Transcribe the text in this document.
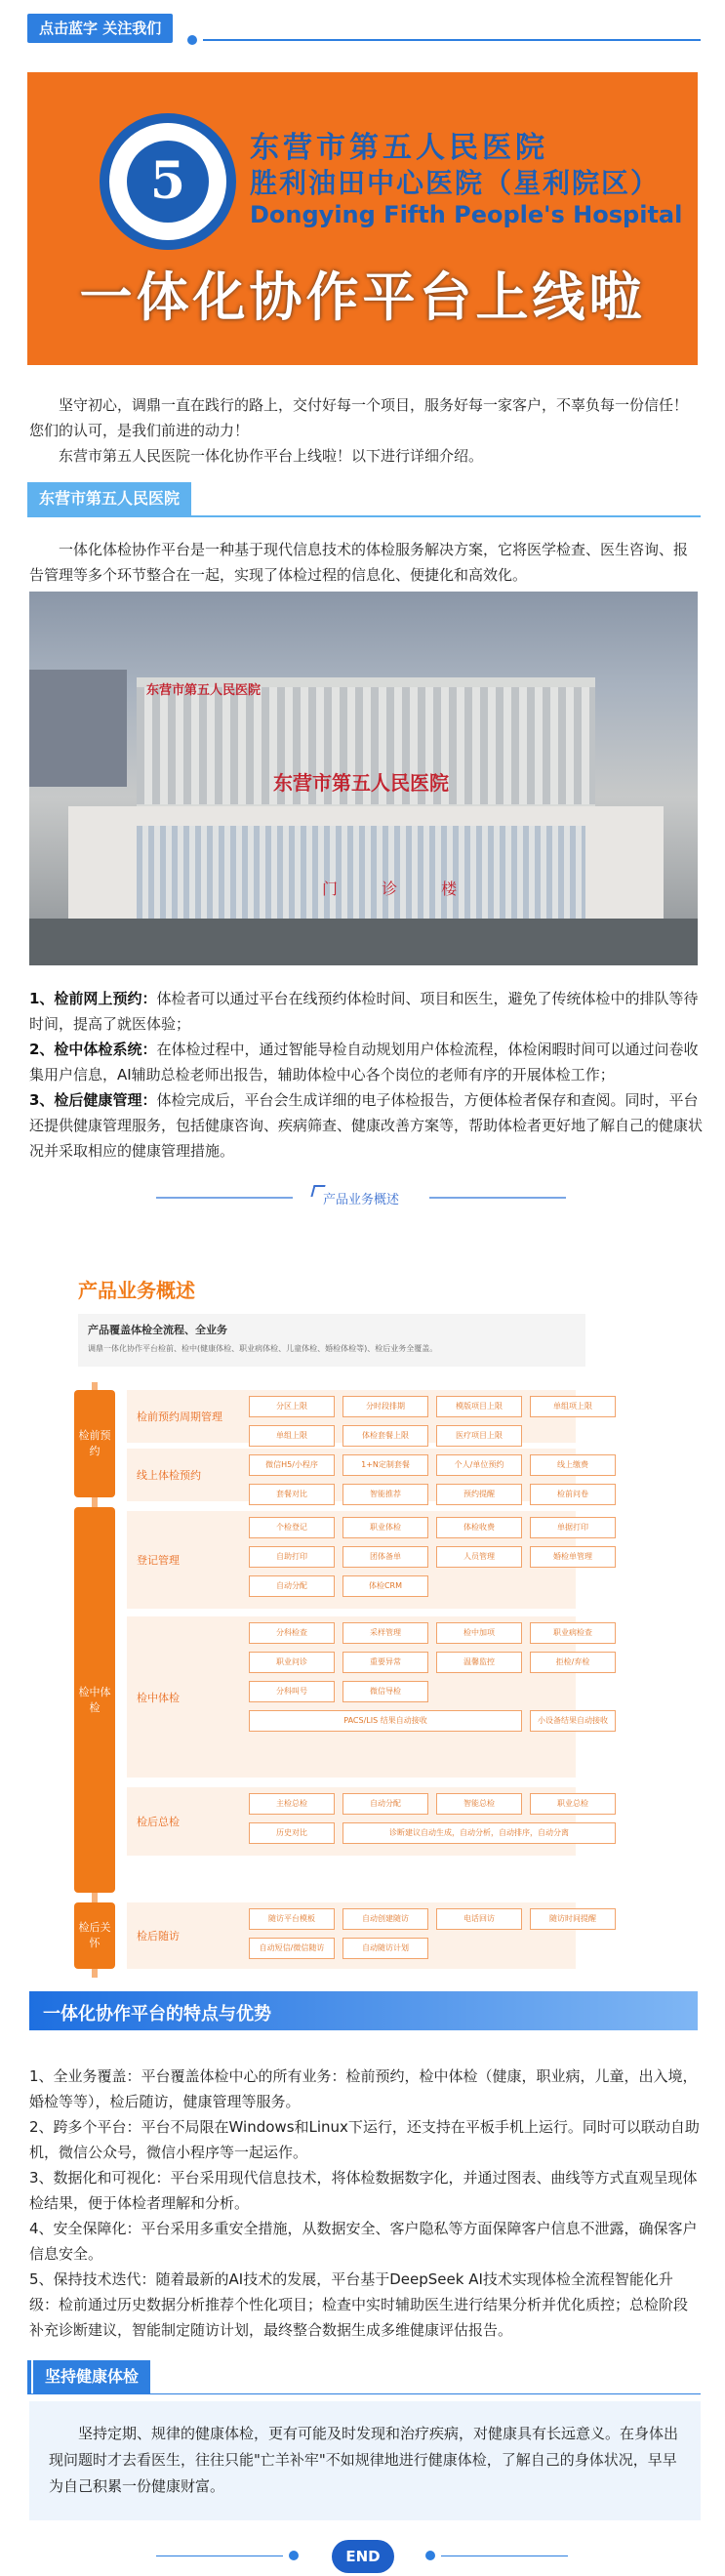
点击蓝字 关注我们
5
东营市第五人民医院
胜利油田中心医院（星利院区）
Dongying Fifth People's Hospital
一体化协作平台上线啦

坚守初心，调鼎一直在践行的路上，交付好每一个项目，服务好每一家客户，不辜负每一份信任！您们的认可，是我们前进的动力！

东营市第五人民医院一体化协作平台上线啦！以下进行详细介绍。

东营市第五人民医院
一体化体检协作平台是一种基于现代信息技术的体检服务解决方案，它将医学检查、医生咨询、报告管理等多个环节整合在一起，实现了体检过程的信息化、便捷化和高效化。
东营市第五人民医院
东营市第五人民医院
门 诊 楼

1、检前网上预约：体检者可以通过平台在线预约体检时间、项目和医生，避免了传统体检中的排队等待时间，提高了就医体验；

2、检中体检系统：在体检过程中，通过智能导检自动规划用户体检流程，体检闲暇时间可以通过问卷收集用户信息，AI辅助总检老师出报告，辅助体检中心各个岗位的老师有序的开展体检工作；

3、检后健康管理：体检完成后，平台会生成详细的电子体检报告，方便体检者保存和查阅。同时，平台还提供健康管理服务，包括健康咨询、疾病筛查、健康改善方案等，帮助体检者更好地了解自己的健康状况并采取相应的健康管理措施。

产品业务概述
产品业务概述
产品覆盖体检全流程、全业务
调鼎一体化协作平台检前、检中(健康体检、职业病体检、儿童体检、婚检体检等)、检后业务全覆盖。
检前预约
检中体检
检后关怀
检前预约周期管理
分区上限	分时段排期	模版项目上限	单组项上限
单组上限	体检套餐上限	医疗项目上限
线上体检预约
微信H5/小程序	1+N定制套餐	个人/单位预约	线上缴费
套餐对比	智能推荐	预约提醒	检前问卷
登记管理
个检登记	职业体检	体检收费	单据打印
自助打印	团体备单	人员管理	婚检单管理
自动分配	体检CRM
检中体检
分科检查	采样管理	检中加项	职业病检查
职业问诊	重要异常	温馨监控	拒检/弃检
分科叫号	微信导检
PACS/LIS 结果自动接收	小设备结果自动接收
检后总检
主检总检	自动分配	智能总检	职业总检
历史对比	诊断建议自动生成，自动分析，自动排序，自动分离
检后随访
随访平台模板	自动创建随访	电话回访	随访时间提醒
自动短信/微信随访	自动随访计划
一体化协作平台的特点与优势

1、全业务覆盖：平台覆盖体检中心的所有业务：检前预约，检中体检（健康，职业病，儿童，出入境，婚检等等），检后随访，健康管理等服务。

2、跨多个平台：平台不局限在Windows和Linux下运行，还支持在平板手机上运行。同时可以联动自助机，微信公众号，微信小程序等一起运作。

3、数据化和可视化：平台采用现代信息技术，将体检数据数字化，并通过图表、曲线等方式直观呈现体检结果，便于体检者理解和分析。

4、安全保障化：平台采用多重安全措施，从数据安全、客户隐私等方面保障客户信息不泄露，确保客户信息安全。

5、保持技术迭代：随着最新的AI技术的发展，平台基于DeepSeek AI技术实现体检全流程智能化升级：检前通过历史数据分析推荐个性化项目；检查中实时辅助医生进行结果分析并优化质控；总检阶段补充诊断建议，智能制定随访计划，最终整合数据生成多维健康评估报告。

坚持健康体检
坚持定期、规律的健康体检，更有可能及时发现和治疗疾病，对健康具有长远意义。在身体出现问题时才去看医生，往往只能"亡羊补牢"不如规律地进行健康体检，了解自己的身体状况，早早为自己积累一份健康财富。
END
